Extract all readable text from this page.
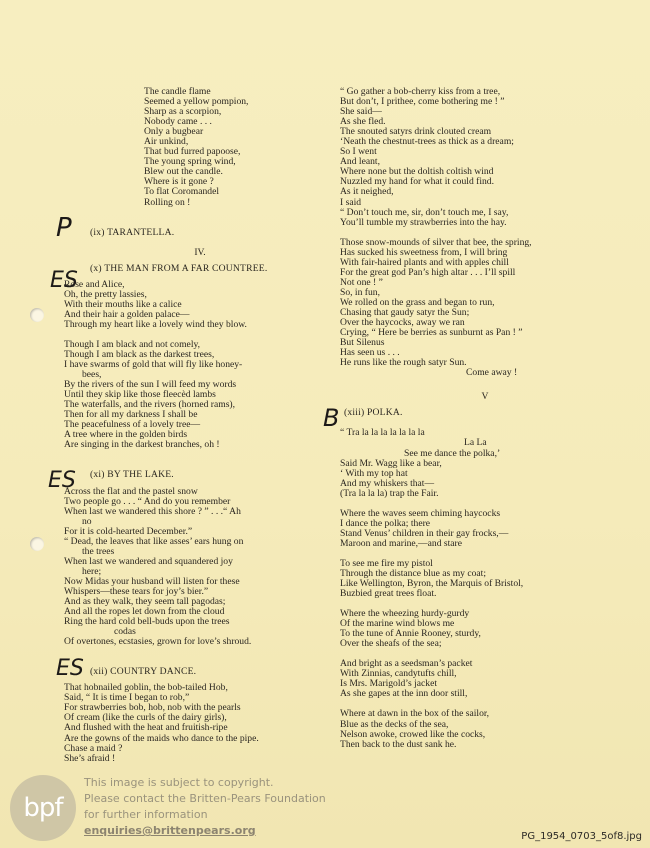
P
ES
ES
ES
B
The candle flame
Seemed a yellow pompion,
Sharp as a scorpion,
Nobody came . . .
Only a bugbear
Air unkind,
That bud furred papoose,
The young spring wind,
Blew out the candle.
Where is it gone ?
To flat Coromandel
Rolling on !
(ix) TARANTELLA.
IV.
(x) THE MAN FROM A FAR COUNTREE.
Rose and Alice,
Oh, the pretty lassies,
With their mouths like a calice
And their hair a golden palace—
Through my heart like a lovely wind they blow.
Though I am black and not comely,
Though I am black as the darkest trees,
I have swarms of gold that will fly like honey-
bees,
By the rivers of the sun I will feed my words
Until they skip like those fleecèd lambs
The waterfalls, and the rivers (horned rams),
Then for all my darkness I shall be
The peacefulness of a lovely tree—
A tree where in the golden birds
Are singing in the darkest branches, oh !
(xi) BY THE LAKE.
Across the flat and the pastel snow
Two people go . . . “ And do you remember
When last we wandered this shore ? ” . . .“ Ah
no
For it is cold-hearted December.”
“ Dead, the leaves that like asses’ ears hung on
the trees
When last we wandered and squandered joy
here;
Now Midas your husband will listen for these
Whispers—these tears for joy’s bier.”
And as they walk, they seem tall pagodas;
And all the ropes let down from the cloud
Ring the hard cold bell-buds upon the trees
codas
Of overtones, ecstasies, grown for love’s shroud.
(xii) COUNTRY DANCE.
That hobnailed goblin, the bob-tailed Hob,
Said, “ It is time I began to rob,”
For strawberries bob, hob, nob with the pearls
Of cream (like the curls of the dairy girls),
And flushed with the heat and fruitish-ripe
Are the gowns of the maids who dance to the pipe.
Chase a maid ?
She’s afraid !
“ Go gather a bob-cherry kiss from a tree,
But don’t, I prithee, come bothering me ! ”
She said—
As she fled.
The snouted satyrs drink clouted cream
‘Neath the chestnut-trees as thick as a dream;
So I went
And leant,
Where none but the doltish coltish wind
Nuzzled my hand for what it could find.
As it neighed,
I said
“ Don’t touch me, sir, don’t touch me, I say,
You’ll tumble my strawberries into the hay.
Those snow-mounds of silver that bee, the spring,
Has sucked his sweetness from, I will bring
With fair-haired plants and with apples chill
For the great god Pan’s high altar . . . I’ll spill
Not one ! ”
So, in fun,
We rolled on the grass and began to run,
Chasing that gaudy satyr the Sun;
Over the haycocks, away we ran
Crying, “ Here be berries as sunburnt as Pan ! ”
But Silenus
Has seen us . . .
He runs like the rough satyr Sun.
Come away !
V
(xiii) POLKA.
“ Tra la la la la la la la
La La
See me dance the polka,’
Said Mr. Wagg like a bear,
‘ With my top hat
And my whiskers that—
(Tra la la la) trap the Fair.
Where the waves seem chiming haycocks
I dance the polka; there
Stand Venus’ children in their gay frocks,—
Maroon and marine,—and stare
To see me fire my pistol
Through the distance blue as my coat;
Like Wellington, Byron, the Marquis of Bristol,
Buzbied great trees float.
Where the wheezing hurdy-gurdy
Of the marine wind blows me
To the tune of Annie Rooney, sturdy,
Over the sheafs of the sea;
And bright as a seedsman’s packet
With Zinnias, candytufts chill,
Is Mrs. Marigold’s jacket
As she gapes at the inn door still,
Where at dawn in the box of the sailor,
Blue as the decks of the sea,
Nelson awoke, crowed like the cocks,
Then back to the dust sank he.
bpf
This image is subject to copyright.
Please contact the Britten-Pears Foundation
for further information
enquiries@brittenpears.org	PG_1954_0703_5of8.jpg
